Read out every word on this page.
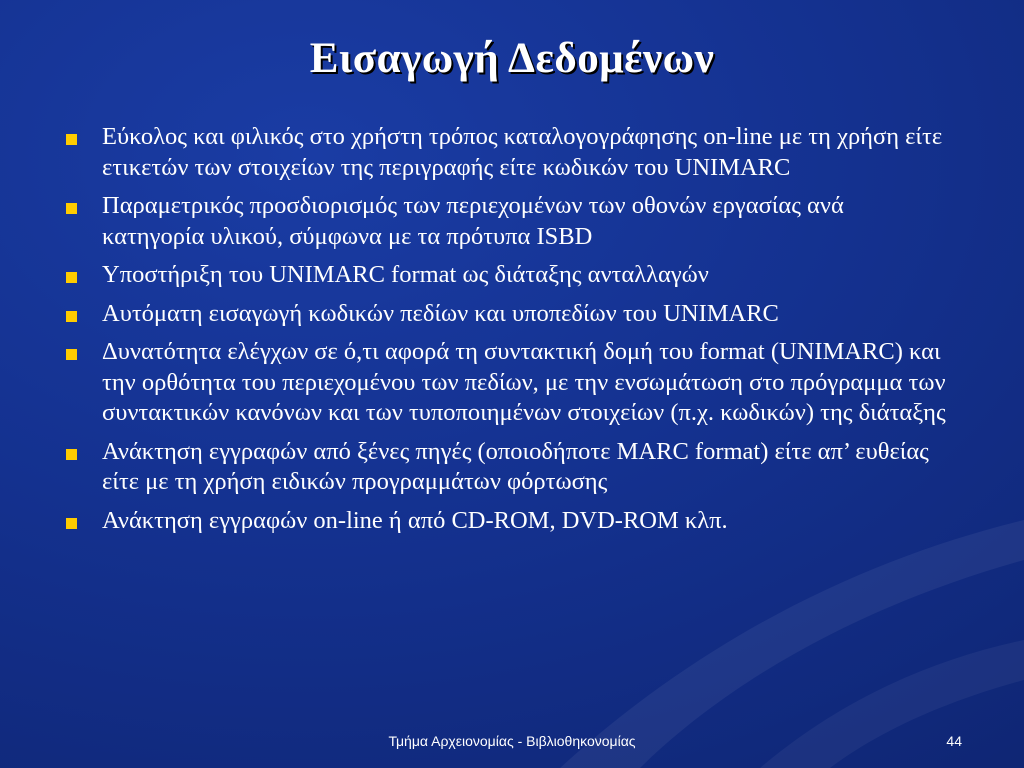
Εισαγωγή Δεδομένων
Εύκολος και φιλικός στο χρήστη τρόπος καταλογογράφησης on-line με τη χρήση είτε ετικετών των στοιχείων της περιγραφής είτε κωδικών του UNIMARC
Παραμετρικός προσδιορισμός των περιεχομένων των οθονών εργασίας ανά κατηγορία υλικού, σύμφωνα με τα πρότυπα ISBD
Υποστήριξη του UNIMARC format ως διάταξης ανταλλαγών
Αυτόματη εισαγωγή κωδικών πεδίων και υποπεδίων του UNIMARC
Δυνατότητα ελέγχων σε ό,τι αφορά τη συντακτική δομή του format (UNIMARC) και την ορθότητα του περιεχομένου των πεδίων, με την ενσωμάτωση στο πρόγραμμα των συντακτικών κανόνων και των τυποποιημένων στοιχείων (π.χ. κωδικών) της διάταξης
Ανάκτηση εγγραφών από ξένες πηγές (οποιοδήποτε MARC format) είτε απ’ ευθείας είτε με τη χρήση ειδικών προγραμμάτων φόρτωσης
Ανάκτηση εγγραφών on-line ή από CD-ROM, DVD-ROM κλπ.
Τμήμα Αρχειονομίας - Βιβλιοθηκονομίας	44
